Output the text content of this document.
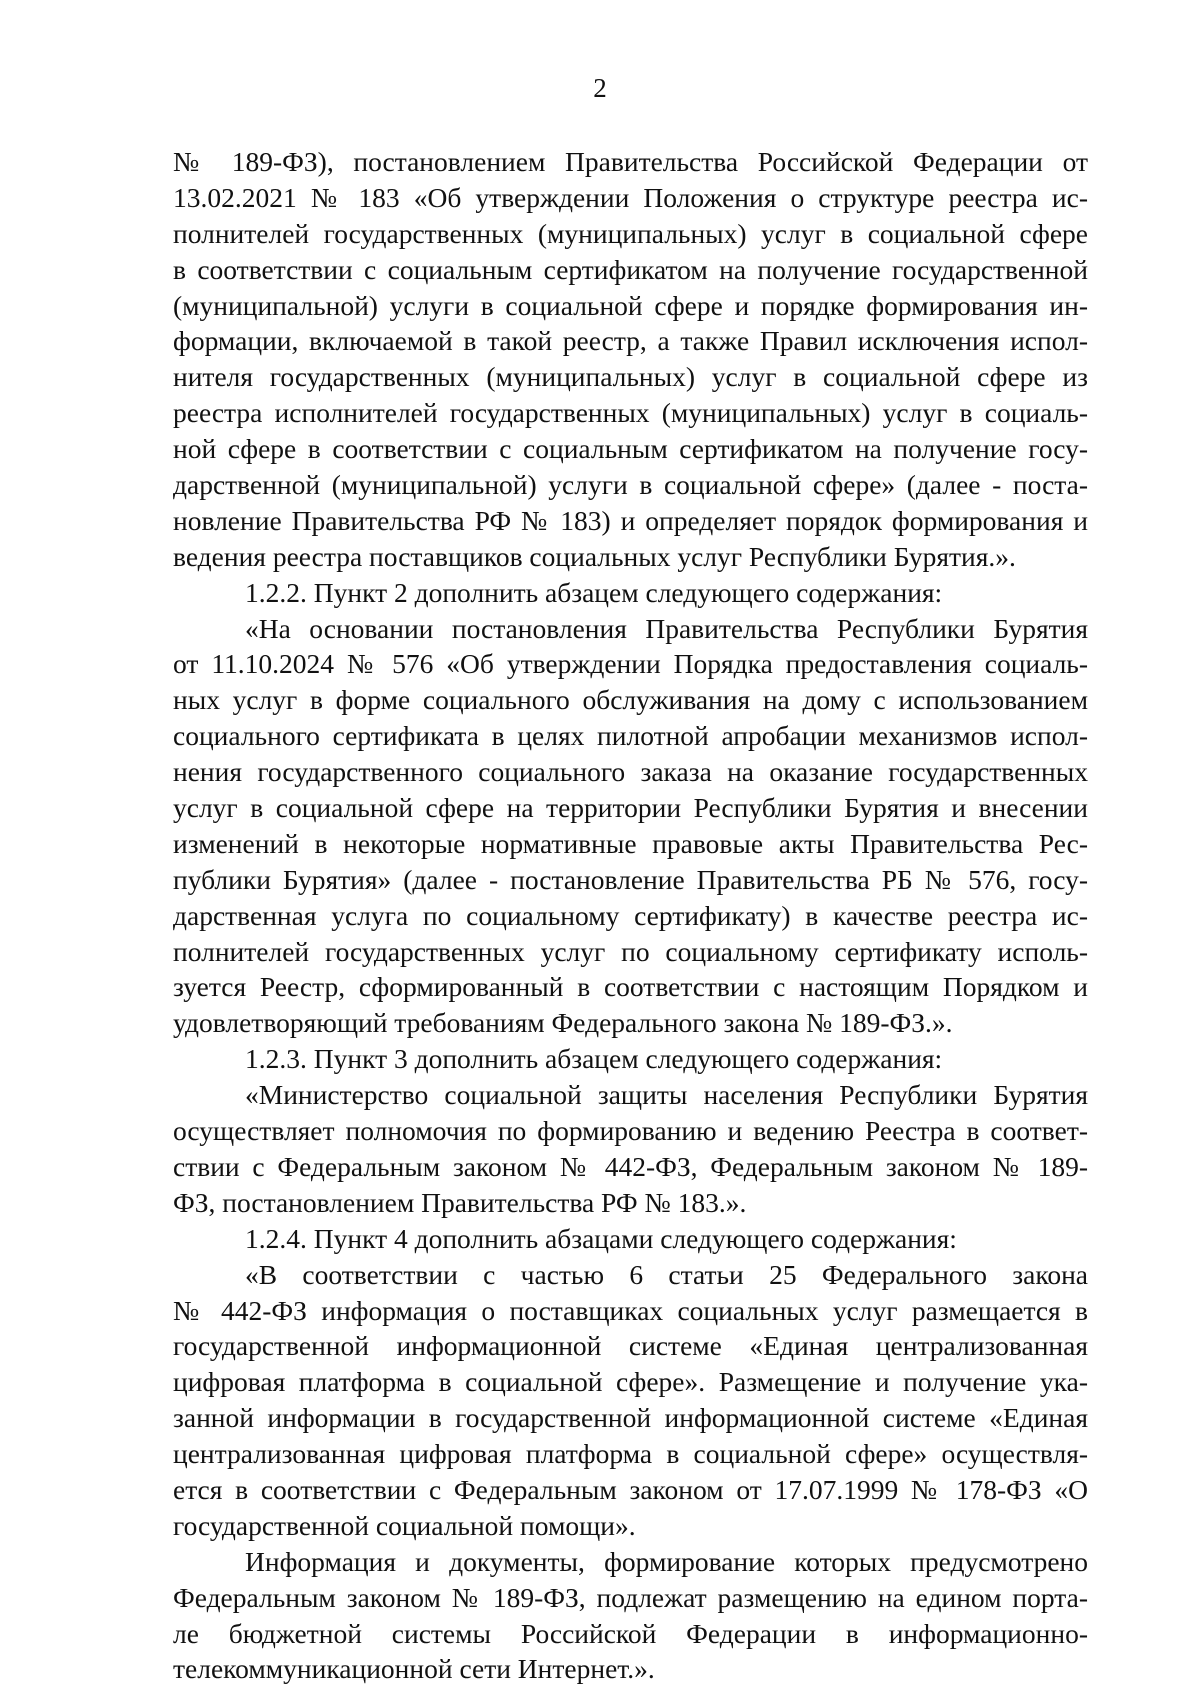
2
№ 189-ФЗ), постановлением Правительства Российской Федерации от
13.02.2021 № 183 «Об утверждении Положения о структуре реестра ис-
полнителей государственных (муниципальных) услуг в социальной сфере
в соответствии с социальным сертификатом на получение государственной
(муниципальной) услуги в социальной сфере и порядке формирования ин-
формации, включаемой в такой реестр, а также Правил исключения испол-
нителя государственных (муниципальных) услуг в социальной сфере из
реестра исполнителей государственных (муниципальных) услуг в социаль-
ной сфере в соответствии с социальным сертификатом на получение госу-
дарственной (муниципальной) услуги в социальной сфере» (далее - поста-
новление Правительства РФ № 183) и определяет порядок формирования и
ведения реестра поставщиков социальных услуг Республики Бурятия.».
1.2.2. Пункт 2 дополнить абзацем следующего содержания:
«На основании постановления Правительства Республики Бурятия
от 11.10.2024 № 576 «Об утверждении Порядка предоставления социаль-
ных услуг в форме социального обслуживания на дому с использованием
социального сертификата в целях пилотной апробации механизмов испол-
нения государственного социального заказа на оказание государственных
услуг в социальной сфере на территории Республики Бурятия и внесении
изменений в некоторые нормативные правовые акты Правительства Рес-
публики Бурятия» (далее - постановление Правительства РБ № 576, госу-
дарственная услуга по социальному сертификату) в качестве реестра ис-
полнителей государственных услуг по социальному сертификату исполь-
зуется Реестр, сформированный в соответствии с настоящим Порядком и
удовлетворяющий требованиям Федерального закона № 189-ФЗ.».
1.2.3. Пункт 3 дополнить абзацем следующего содержания:
«Министерство социальной защиты населения Республики Бурятия
осуществляет полномочия по формированию и ведению Реестра в соответ-
ствии с Федеральным законом № 442-ФЗ, Федеральным законом № 189-
ФЗ, постановлением Правительства РФ № 183.».
1.2.4. Пункт 4 дополнить абзацами следующего содержания:
«В соответствии с частью 6 статьи 25 Федерального закона
№ 442-ФЗ информация о поставщиках социальных услуг размещается в
государственной информационной системе «Единая централизованная
цифровая платформа в социальной сфере». Размещение и получение ука-
занной информации в государственной информационной системе «Единая
централизованная цифровая платформа в социальной сфере» осуществля-
ется в соответствии с Федеральным законом от 17.07.1999 № 178-ФЗ «О
государственной социальной помощи».
Информация и документы, формирование которых предусмотрено
Федеральным законом № 189-ФЗ, подлежат размещению на едином порта-
ле бюджетной системы Российской Федерации в информационно-
телекоммуникационной сети Интернет.».
